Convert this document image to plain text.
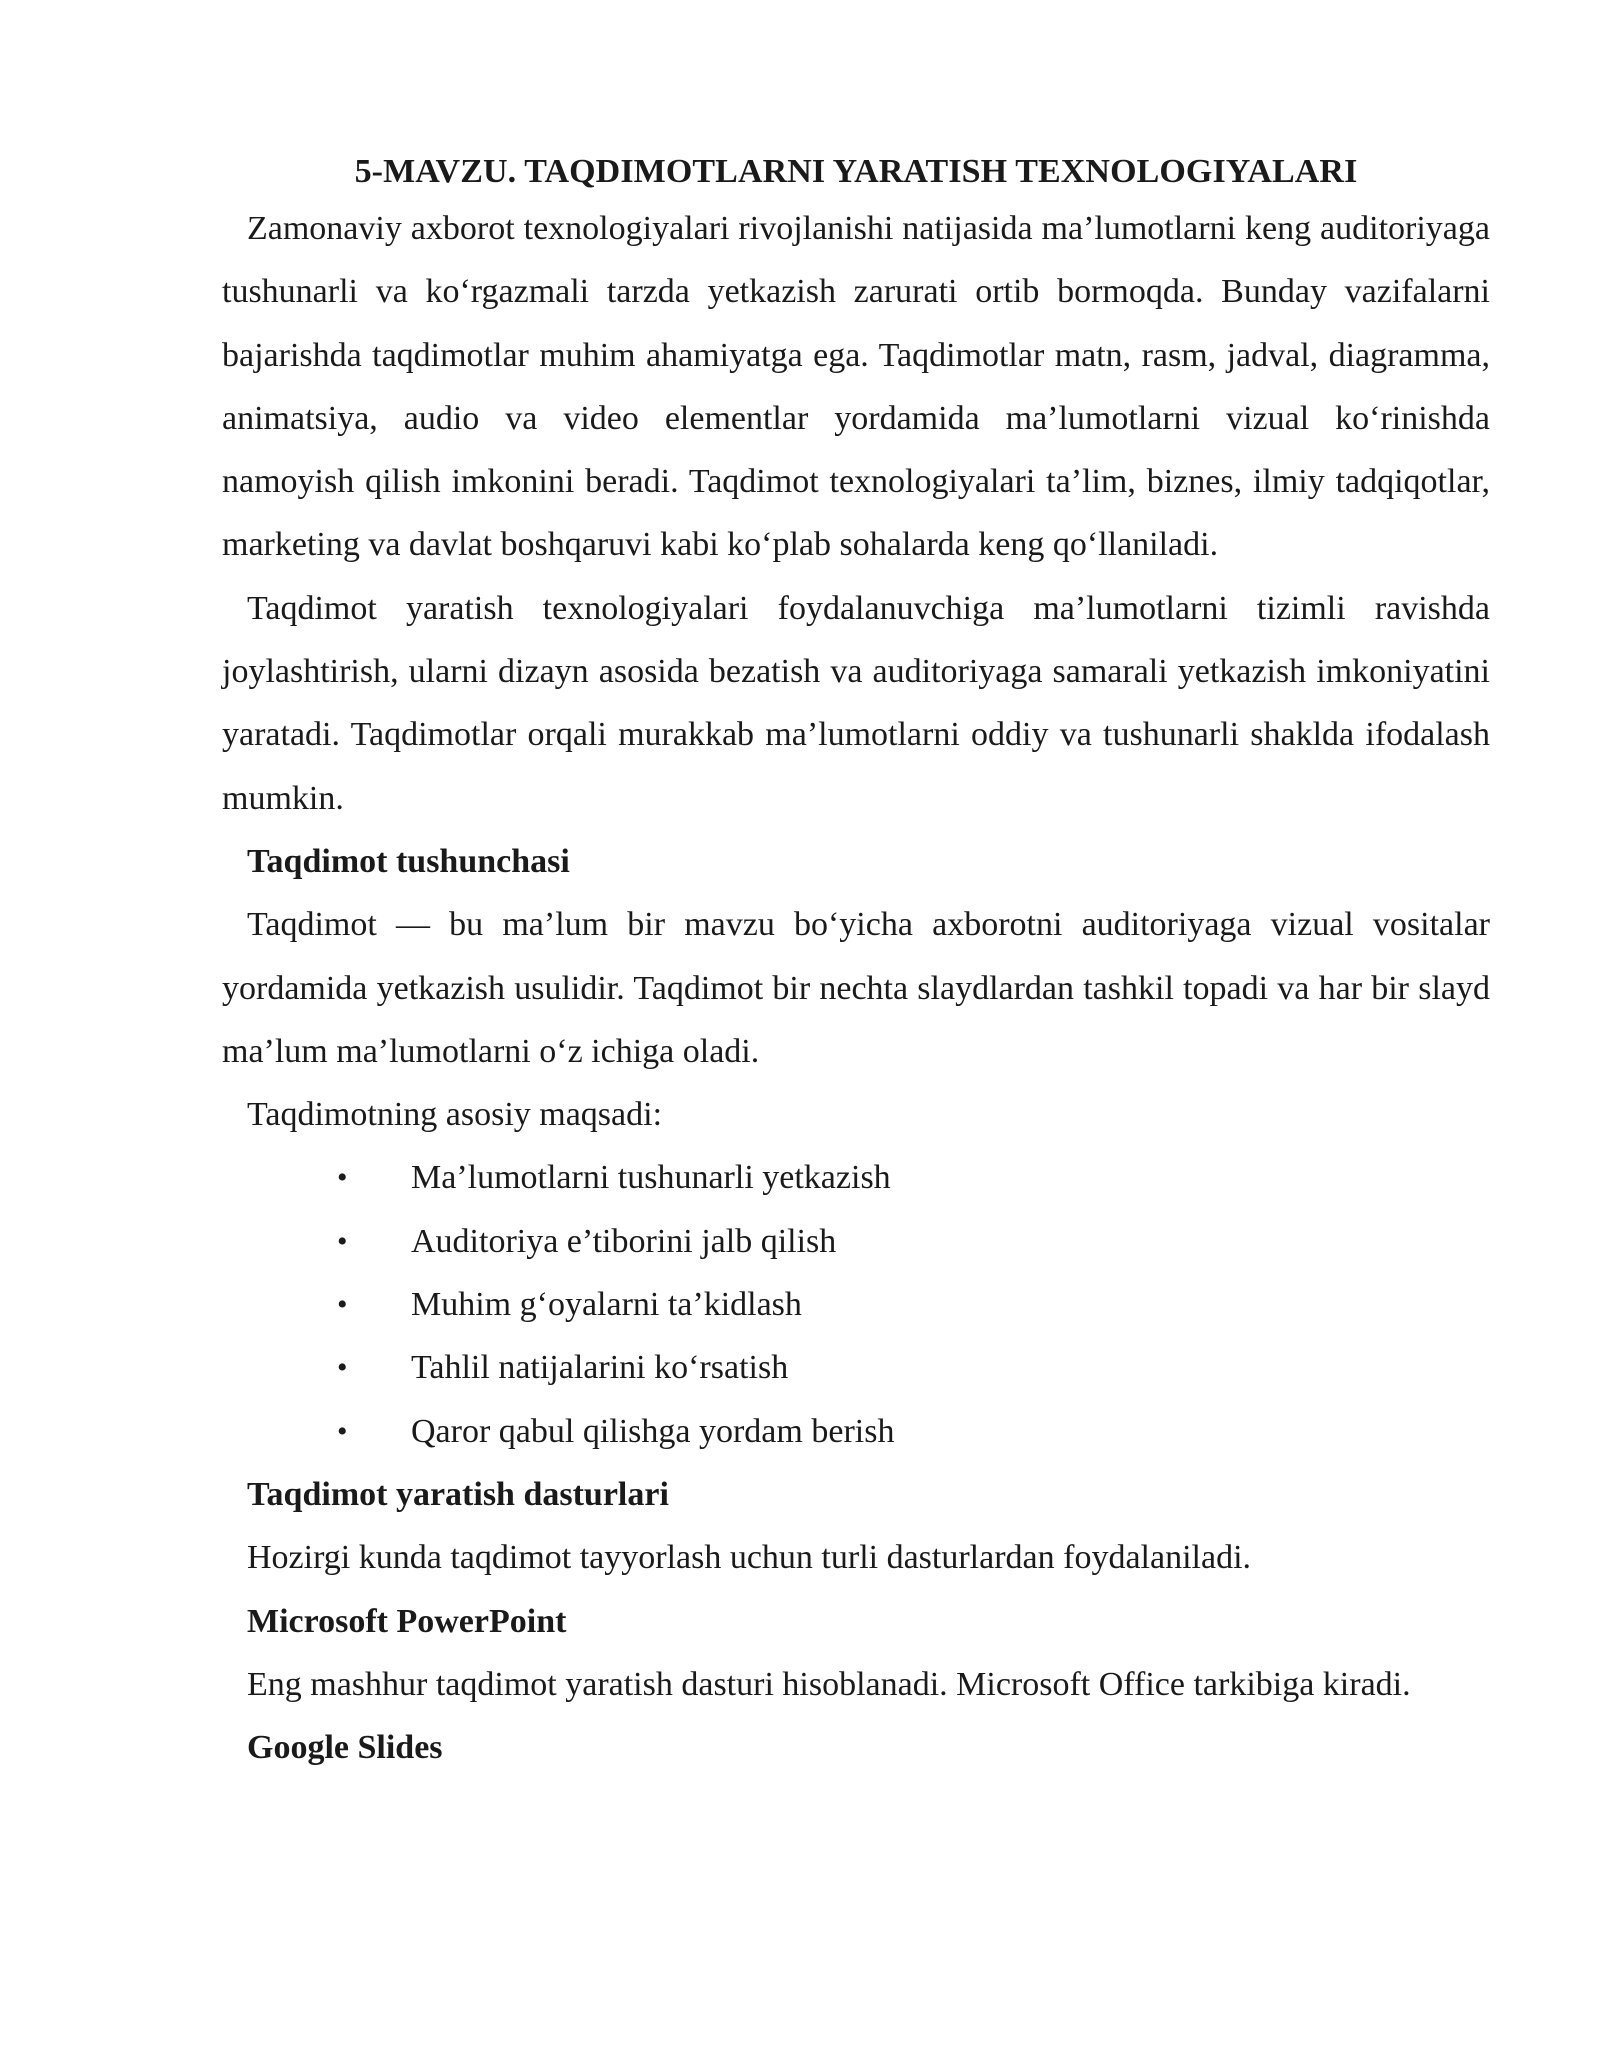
5-MAVZU. TAQDIMOTLARNI YARATISH TEXNOLOGIYALARI

Zamonaviy axborot texnologiyalari rivojlanishi natijasida ma’lumotlarni keng auditoriyaga tushunarli va ko‘rgazmali tarzda yetkazish zarurati ortib bormoqda. Bunday vazifalarni bajarishda taqdimotlar muhim ahamiyatga ega. Taqdimotlar matn, rasm, jadval, diagramma, animatsiya, audio va video elementlar yordamida ma’lumotlarni vizual ko‘rinishda namoyish qilish imkonini beradi. Taqdimot texnologiyalari ta’lim, biznes, ilmiy tadqiqotlar, marketing va davlat boshqaruvi kabi ko‘plab sohalarda keng qo‘llaniladi.

Taqdimot yaratish texnologiyalari foydalanuvchiga ma’lumotlarni tizimli ravishda joylashtirish, ularni dizayn asosida bezatish va auditoriyaga samarali yetkazish imkoniyatini yaratadi. Taqdimotlar orqali murakkab ma’lumotlarni oddiy va tushunarli shaklda ifodalash mumkin.

Taqdimot tushunchasi

Taqdimot — bu ma’lum bir mavzu bo‘yicha axborotni auditoriyaga vizual vositalar yordamida yetkazish usulidir. Taqdimot bir nechta slaydlardan tashkil topadi va har bir slayd ma’lum ma’lumotlarni o‘z ichiga oladi.

Taqdimotning asosiy maqsadi:

• Ma’lumotlarni tushunarli yetkazish
• Auditoriya e’tiborini jalb qilish
• Muhim g‘oyalarni ta’kidlash
• Tahlil natijalarini ko‘rsatish
• Qaror qabul qilishga yordam berish

Taqdimot yaratish dasturlari

Hozirgi kunda taqdimot tayyorlash uchun turli dasturlardan foydalaniladi.

Microsoft PowerPoint

Eng mashhur taqdimot yaratish dasturi hisoblanadi. Microsoft Office tarkibiga kiradi.

Google Slides
